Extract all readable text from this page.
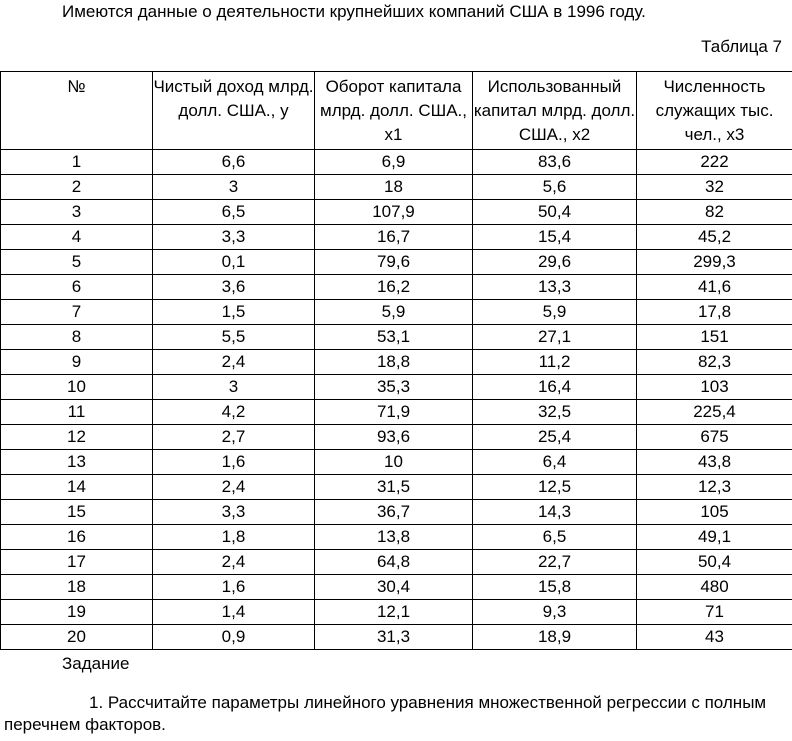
Имеются данные о деятельности крупнейших компаний США в 1996 году.
Таблица 7
№	Чистый доход млрд. долл. США., y	Оборот капитала млрд. долл. США., x1	Использованный капитал млрд. долл. США., x2	Численность служащих тыс. чел., x3
1	6,6	6,9	83,6	222
2	3	18	5,6	32
3	6,5	107,9	50,4	82
4	3,3	16,7	15,4	45,2
5	0,1	79,6	29,6	299,3
6	3,6	16,2	13,3	41,6
7	1,5	5,9	5,9	17,8
8	5,5	53,1	27,1	151
9	2,4	18,8	11,2	82,3
10	3	35,3	16,4	103
11	4,2	71,9	32,5	225,4
12	2,7	93,6	25,4	675
13	1,6	10	6,4	43,8
14	2,4	31,5	12,5	12,3
15	3,3	36,7	14,3	105
16	1,8	13,8	6,5	49,1
17	2,4	64,8	22,7	50,4
18	1,6	30,4	15,8	480
19	1,4	12,1	9,3	71
20	0,9	31,3	18,9	43
Задание

1. Рассчитайте параметры линейного уравнения множественной регрессии с полным перечнем факторов.
